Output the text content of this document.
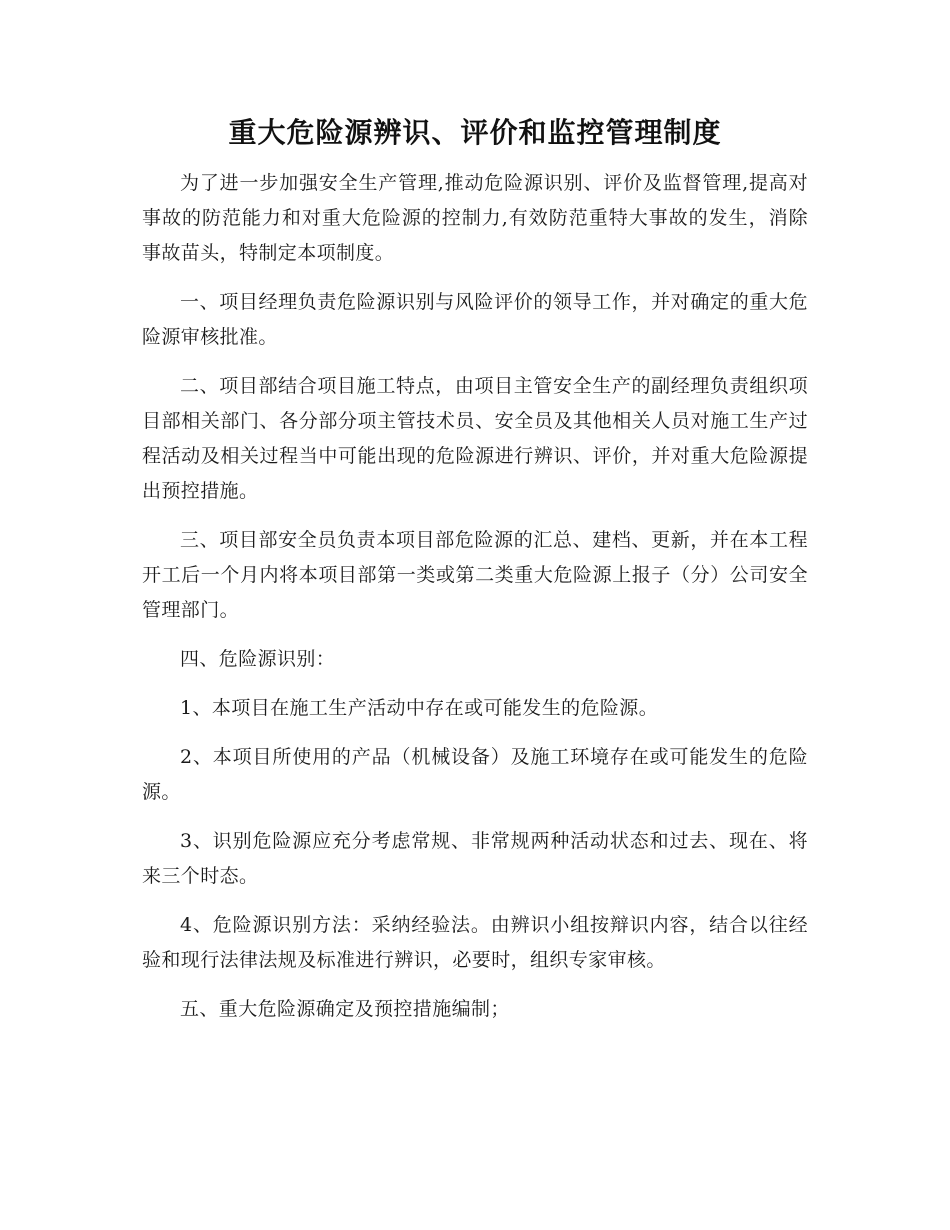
重大危险源辨识、评价和监控管理制度

为了进一步加强安全生产管理,推动危险源识别、评价及监督管理,提高对事故的防范能力和对重大危险源的控制力,有效防范重特大事故的发生，消除事故苗头，特制定本项制度。

一、项目经理负责危险源识别与风险评价的领导工作，并对确定的重大危险源审核批准。

二、项目部结合项目施工特点，由项目主管安全生产的副经理负责组织项目部相关部门、各分部分项主管技术员、安全员及其他相关人员对施工生产过程活动及相关过程当中可能出现的危险源进行辨识、评价，并对重大危险源提出预控措施。

三、项目部安全员负责本项目部危险源的汇总、建档、更新，并在本工程开工后一个月内将本项目部第一类或第二类重大危险源上报子（分）公司安全管理部门。

四、危险源识别：

1、本项目在施工生产活动中存在或可能发生的危险源。

2、本项目所使用的产品（机械设备）及施工环境存在或可能发生的危险源。

3、识别危险源应充分考虑常规、非常规两种活动状态和过去、现在、将来三个时态。

4、危险源识别方法：采纳经验法。由辨识小组按辩识内容，结合以往经验和现行法律法规及标准进行辨识，必要时，组织专家审核。

五、重大危险源确定及预控措施编制；
